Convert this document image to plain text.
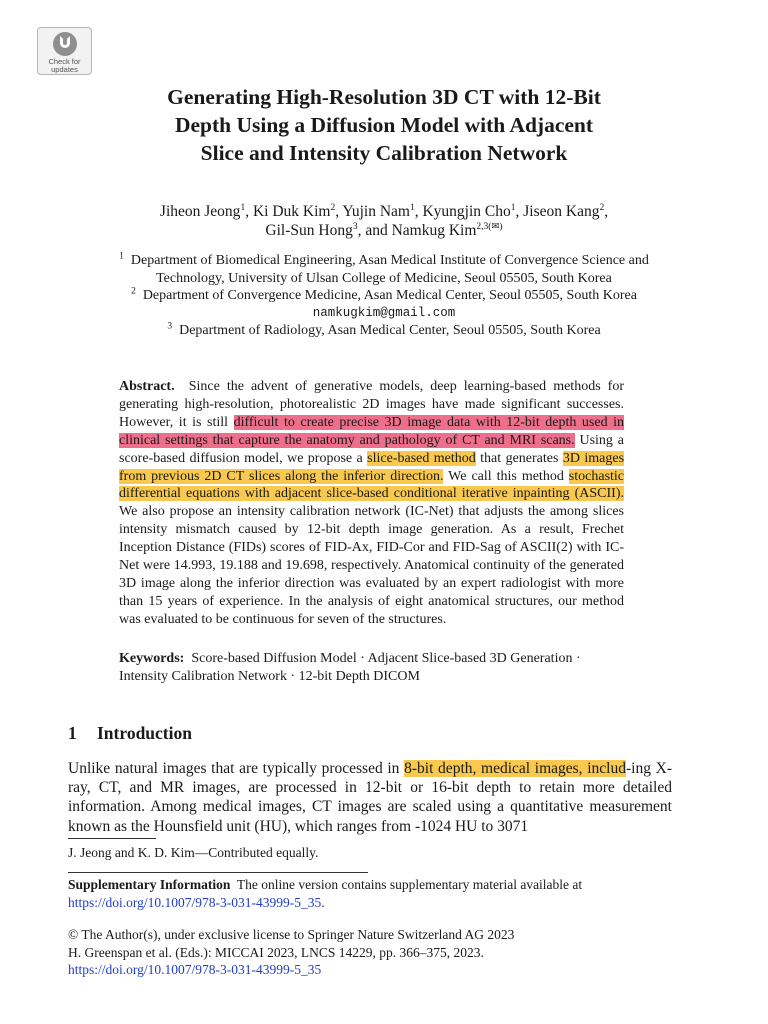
Check for
updates
Generating High-Resolution 3D CT with 12-Bit
Depth Using a Diffusion Model with Adjacent
Slice and Intensity Calibration Network
Jiheon Jeong$^1$, Ki Duk Kim$^2$, Yujin Nam$^1$, Kyungjin Cho$^1$, Jiseon Kang$^2$,
Gil-Sun Hong$^3$, and Namkug Kim$^{2,3(✉)}$
$^1$ Department of Biomedical Engineering, Asan Medical Institute of Convergence Science and
Technology, University of Ulsan College of Medicine, Seoul 05505, South Korea
$^2$ Department of Convergence Medicine, Asan Medical Center, Seoul 05505, South Korea
namkugkim@gmail.com
$^3$ Department of Radiology, Asan Medical Center, Seoul 05505, South Korea
Abstract. Since the advent of generative models, deep learning-based methods for generating high-resolution, photorealistic 2D images have made significant successes. However, it is still difficult to create precise 3D image data with 12-bit depth used in clinical settings that capture the anatomy and pathology of CT and MRI scans. Using a score-based diffusion model, we propose a slice-based method that generates 3D images from previous 2D CT slices along the inferior direction. We call this method stochastic differential equations with adjacent slice-based conditional iterative inpainting (ASCII). We also propose an intensity calibration network (IC-Net) that adjusts the among slices intensity mismatch caused by 12-bit depth image generation. As a result, Frechet Inception Distance (FIDs) scores of FID-Ax, FID-Cor and FID-Sag of ASCII(2) with IC-Net were 14.993, 19.188 and 19.698, respectively. Anatomical continuity of the generated 3D image along the inferior direction was evaluated by an expert radiologist with more than 15 years of experience. In the analysis of eight anatomical structures, our method was evaluated to be continuous for seven of the structures.
Keywords: Score-based Diffusion Model · Adjacent Slice-based 3D Generation · Intensity Calibration Network · 12-bit Depth DICOM
1 Introduction
Unlike natural images that are typically processed in 8-bit depth, medical images, includ-ing X-ray, CT, and MR images, are processed in 12-bit or 16-bit depth to retain more detailed information. Among medical images, CT images are scaled using a quantitative measurement known as the Hounsfield unit (HU), which ranges from -1024 HU to 3071
J. Jeong and K. D. Kim—Contributed equally.
Supplementary Information The online version contains supplementary material available at
https://doi.org/10.1007/978-3-031-43999-5_35.
© The Author(s), under exclusive license to Springer Nature Switzerland AG 2023
H. Greenspan et al. (Eds.): MICCAI 2023, LNCS 14229, pp. 366–375, 2023.
https://doi.org/10.1007/978-3-031-43999-5_35
